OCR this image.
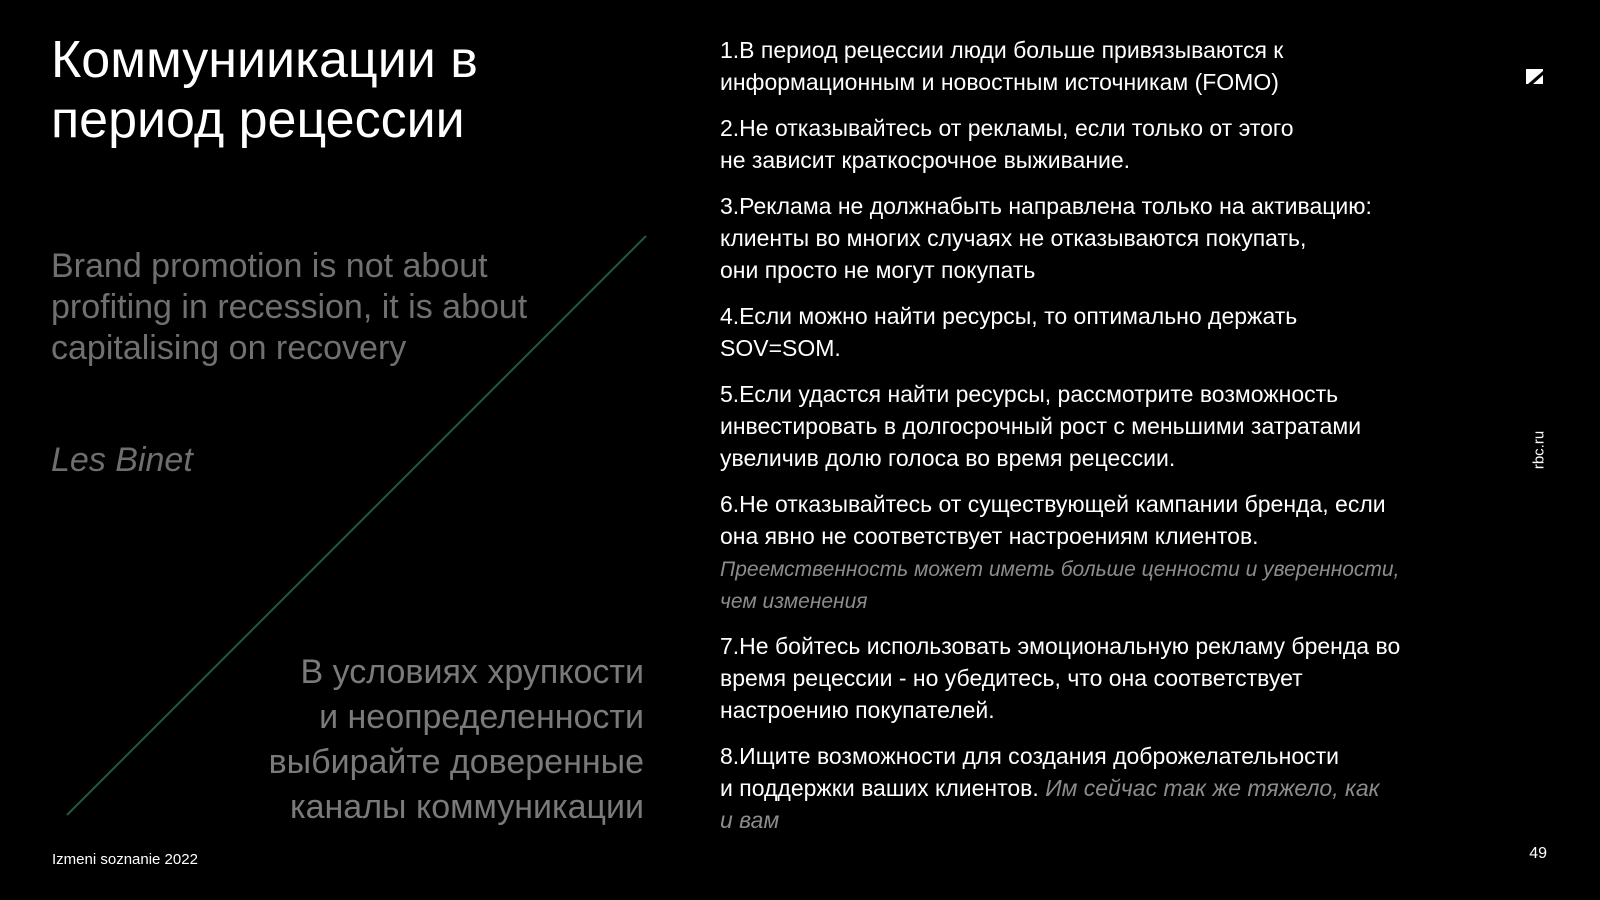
Коммуниикации в
период рецессии
Brand promotion is not about
profiting in recession, it is about
capitalising on recovery
Les Binet
В условиях хрупкости
и неопределенности
выбирайте доверенные
каналы коммуникации
1.В период рецессии люди больше привязываются к
информационным и новостным источникам (FOMO)
2.Не отказывайтесь от рекламы, если только от этого
не зависит краткосрочное выживание.
3.Реклама не должнабыть направлена только на активацию:
клиенты во многих случаях не отказываются покупать,
они просто не могут покупать
4.Если можно найти ресурсы, то оптимально держать
SOV=SOM.
5.Если удастся найти ресурсы, рассмотрите возможность
инвестировать в долгосрочный рост с меньшими затратами
увеличив долю голоса во время рецессии.
6.Не отказывайтесь от существующей кампании бренда, если
она явно не соответствует настроениям клиентов.
Преемственность может иметь больше ценности и уверенности,
чем изменения
7.Не бойтесь использовать эмоциональную рекламу бренда во
время рецессии - но убедитесь, что она соответствует
настроению покупателей.
8.Ищите возможности для создания доброжелательности
и поддержки ваших клиентов. Им сейчас так же тяжело, как
и вам
rbc.ru
Izmeni soznanie 2022	49
